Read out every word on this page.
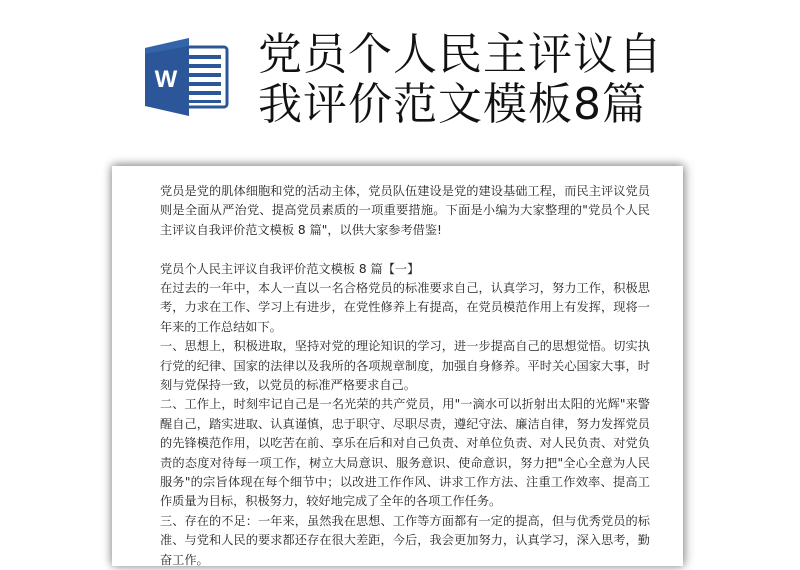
W 党员个人民主评议自我评价范文模板8篇

党员是党的肌体细胞和党的活动主体，党员队伍建设是党的建设基础工程，而民主评议党员则是全面从严治党、提高党员素质的一项重要措施。下面是小编为大家整理的"党员个人民主评议自我评价范文模板 8 篇"，以供大家参考借鉴!

党员个人民主评议自我评价范文模板 8 篇【一】

在过去的一年中，本人一直以一名合格党员的标准要求自己，认真学习，努力工作，积极思考，力求在工作、学习上有进步，在党性修养上有提高，在党员模范作用上有发挥，现将一年来的工作总结如下。

一、思想上，积极进取，坚持对党的理论知识的学习，进一步提高自己的思想觉悟。切实执行党的纪律、国家的法律以及我所的各项规章制度，加强自身修养。平时关心国家大事，时刻与党保持一致，以党员的标准严格要求自己。

二、工作上，时刻牢记自己是一名光荣的共产党员，用"一滴水可以折射出太阳的光辉"来警醒自己，踏实进取、认真谨慎，忠于职守、尽职尽责，遵纪守法、廉洁自律，努力发挥党员的先锋模范作用，以吃苦在前、享乐在后和对自己负责、对单位负责、对人民负责、对党负责的态度对待每一项工作，树立大局意识、服务意识、使命意识，努力把"全心全意为人民服务"的宗旨体现在每个细节中；以改进工作作风、讲求工作方法、注重工作效率、提高工作质量为目标，积极努力，较好地完成了全年的各项工作任务。

三、存在的不足：一年来，虽然我在思想、工作等方面都有一定的提高，但与优秀党员的标准、与党和人民的要求都还存在很大差距，今后，我会更加努力，认真学习，深入思考，勤奋工作。
